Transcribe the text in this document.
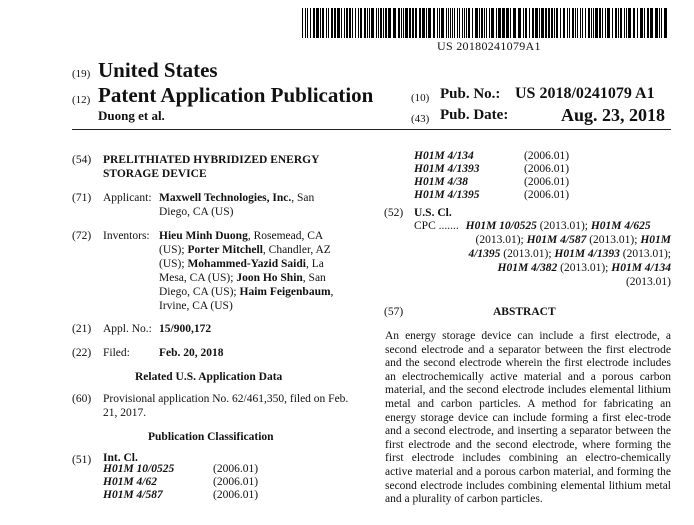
US 20180241079A1
(19) United States
(12) Patent Application Publication
Duong et al.
(10) Pub. No.: US 2018/0241079 A1
(43) Pub. Date:	Aug. 23, 2018
(54) PRELITHIATED HYBRIDIZED ENERGY
STORAGE DEVICE
(71) Applicant: Maxwell Technologies, Inc., San
Diego, CA (US)
(72) Inventors: Hieu Minh Duong, Rosemead, CA
(US); Porter Mitchell, Chandler, AZ
(US); Mohammed-Yazid Saidi, La
Mesa, CA (US); Joon Ho Shin, San
Diego, CA (US); Haim Feigenbaum,
Irvine, CA (US)
(21) Appl. No.: 15/900,172
(22) Filed:	Feb. 20, 2018
Related U.S. Application Data
(60) Provisional application No. 62/461,350, filed on Feb.
21, 2017.
Publication Classification
(51) Int. Cl.
H01M 10/0525	(2006.01)
H01M 4/62	(2006.01)
H01M 4/587	(2006.01)
H01M 4/134	(2006.01)
H01M 4/1393	(2006.01)
H01M 4/38	(2006.01)
H01M 4/1395	(2006.01)
(52) U.S. Cl.
CPC ....... H01M 10/0525 (2013.01); H01M 4/625
(2013.01); H01M 4/587 (2013.01); H01M
4/1395 (2013.01); H01M 4/1393 (2013.01);
H01M 4/382 (2013.01); H01M 4/134
(2013.01)
(57)	ABSTRACT
An energy storage device can include a first electrode, a second electrode and a separator between the first electrode and the second electrode wherein the first electrode includes an electrochemically active material and a porous carbon material, and the second electrode includes elemental lithium metal and carbon particles. A method for fabricating an energy storage device can include forming a first elec-trode and a second electrode, and inserting a separator between the first electrode and the second electrode, where forming the first electrode includes combining an electro-chemically active material and a porous carbon material, and forming the second electrode includes combining elemental lithium metal and a plurality of carbon particles.
